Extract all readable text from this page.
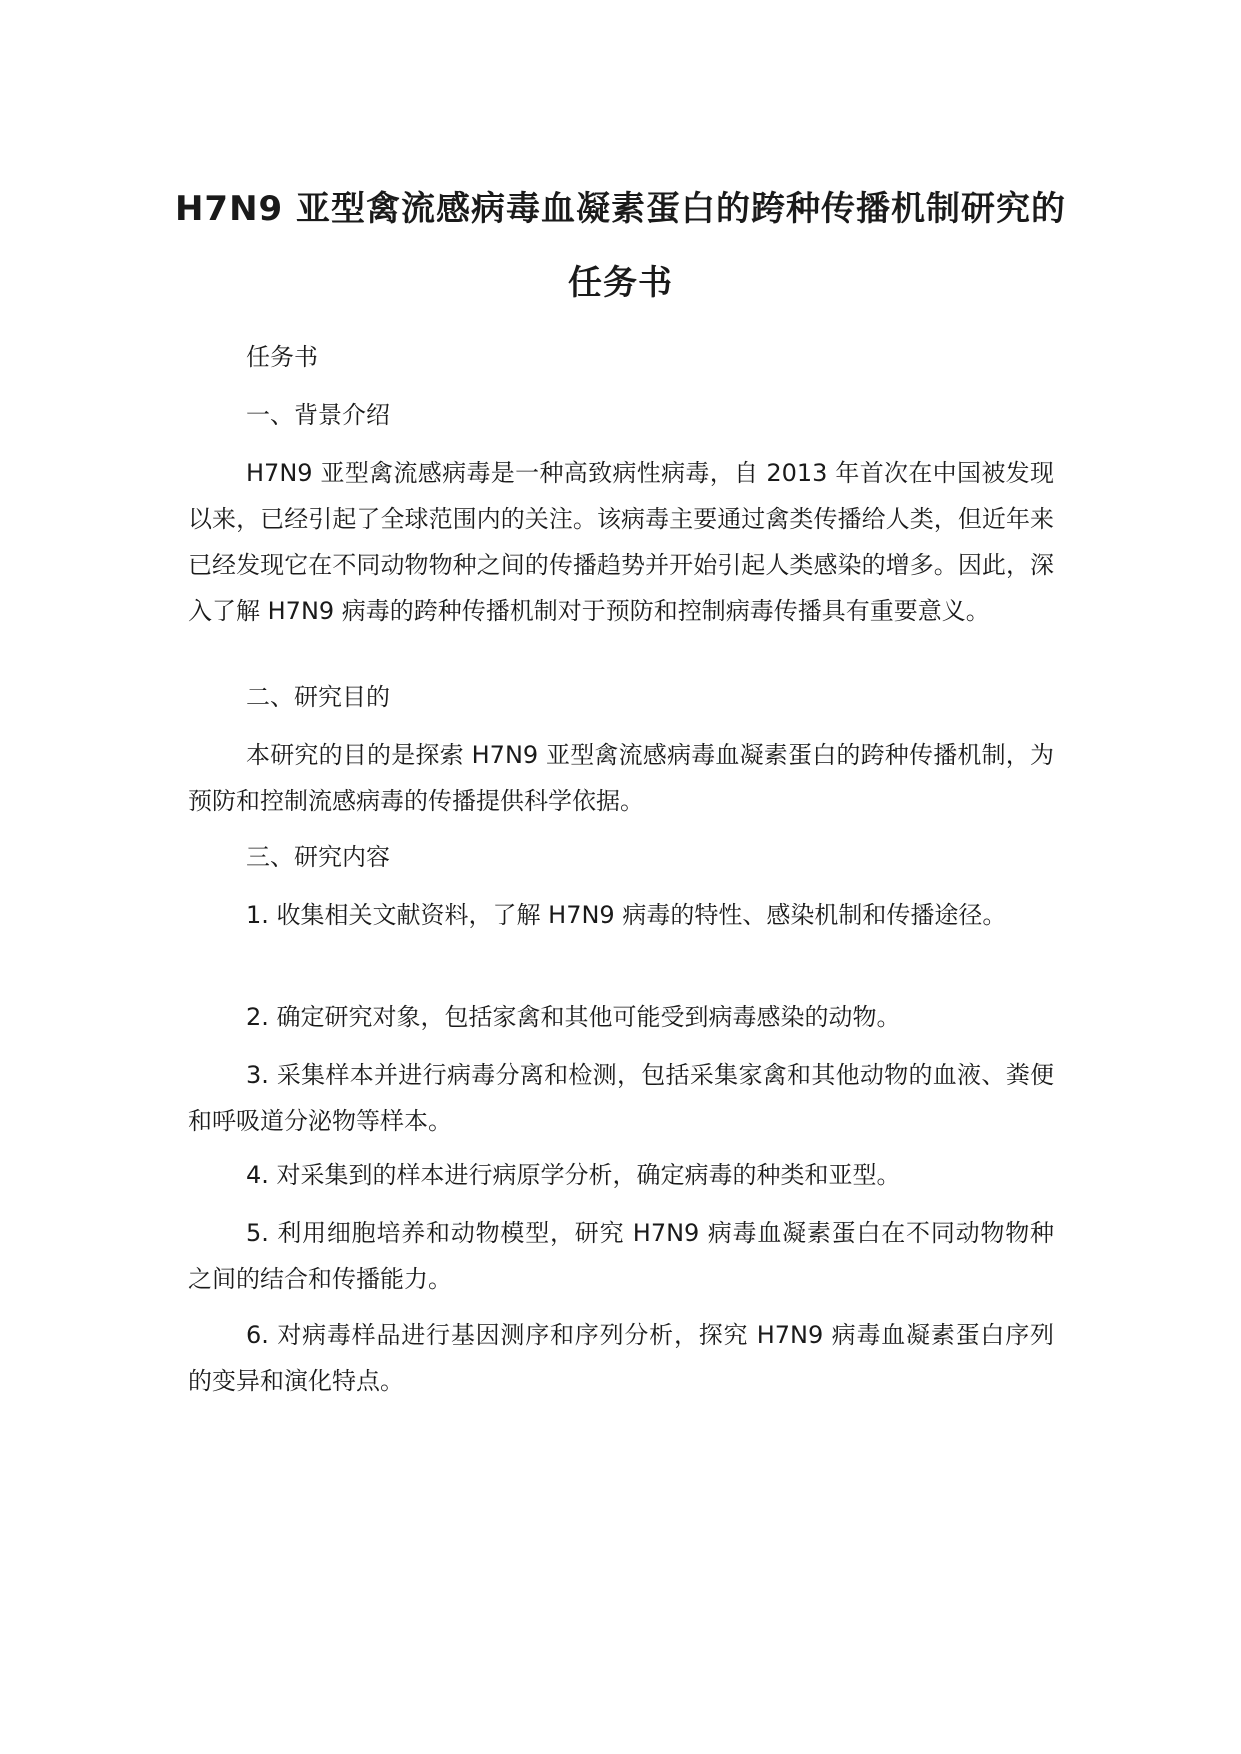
H7N9 亚型禽流感病毒血凝素蛋白的跨种传播机制研究的任务书

任务书

一、背景介绍

H7N9 亚型禽流感病毒是一种高致病性病毒，自 2013 年首次在中国被发现以来，已经引起了全球范围内的关注。该病毒主要通过禽类传播给人类，但近年来已经发现它在不同动物物种之间的传播趋势并开始引起人类感染的增多。因此，深入了解 H7N9 病毒的跨种传播机制对于预防和控制病毒传播具有重要意义。

二、研究目的

本研究的目的是探索 H7N9 亚型禽流感病毒血凝素蛋白的跨种传播机制，为预防和控制流感病毒的传播提供科学依据。

三、研究内容

1. 收集相关文献资料，了解 H7N9 病毒的特性、感染机制和传播途径。

2. 确定研究对象，包括家禽和其他可能受到病毒感染的动物。

3. 采集样本并进行病毒分离和检测，包括采集家禽和其他动物的血液、粪便和呼吸道分泌物等样本。

4. 对采集到的样本进行病原学分析，确定病毒的种类和亚型。

5. 利用细胞培养和动物模型，研究 H7N9 病毒血凝素蛋白在不同动物物种之间的结合和传播能力。

6. 对病毒样品进行基因测序和序列分析，探究 H7N9 病毒血凝素蛋白序列的变异和演化特点。
